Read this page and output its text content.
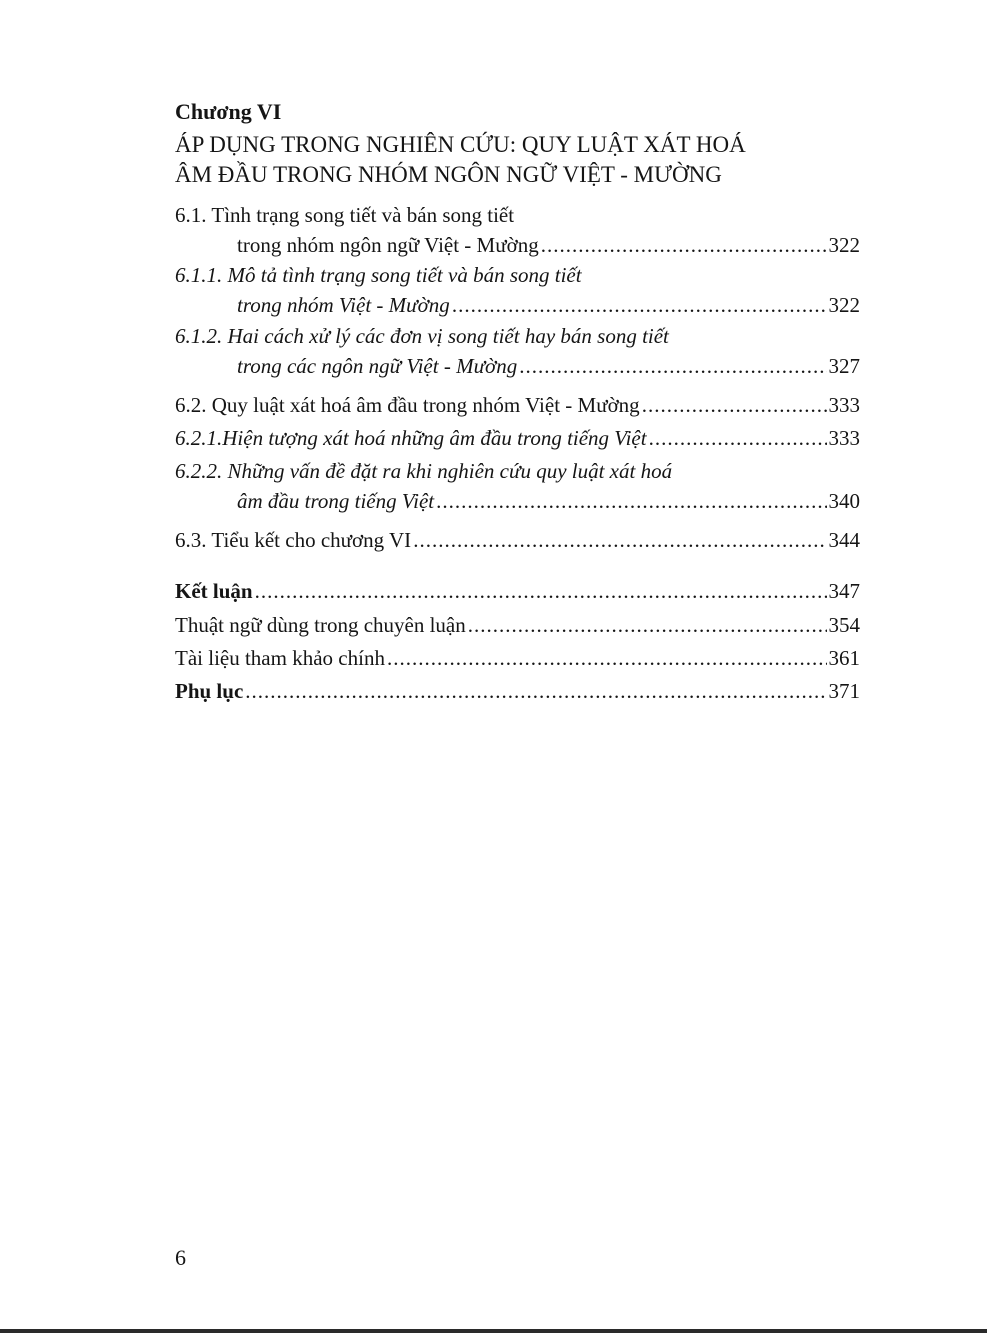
Chương VI
ÁP DỤNG TRONG NGHIÊN CỨU: QUY LUẬT XÁT HOÁ
ÂM ĐẦU TRONG NHÓM NGÔN NGỮ VIỆT - MƯỜNG
6.1. Tình trạng song tiết và bán song tiết
trong nhóm ngôn ngữ Việt - Mường .....	322
6.1.1. Mô tả tình trạng song tiết và bán song tiết
trong nhóm Việt - Mường .....	322
6.1.2. Hai cách xử lý các đơn vị song tiết hay bán song tiết
trong các ngôn ngữ Việt - Mường .....	327
6.2. Quy luật xát hoá âm đầu trong nhóm Việt - Mường .....	333
6.2.1.Hiện tượng xát hoá những âm đầu trong tiếng Việt .....	333
6.2.2. Những vấn đề đặt ra khi nghiên cứu quy luật xát hoá
âm đầu trong tiếng Việt .....	340
6.3. Tiểu kết cho chương VI .....	344
Kết luận .....	347
Thuật ngữ dùng trong chuyên luận .....	354
Tài liệu tham khảo chính .....	361
Phụ lục .....	371
6
